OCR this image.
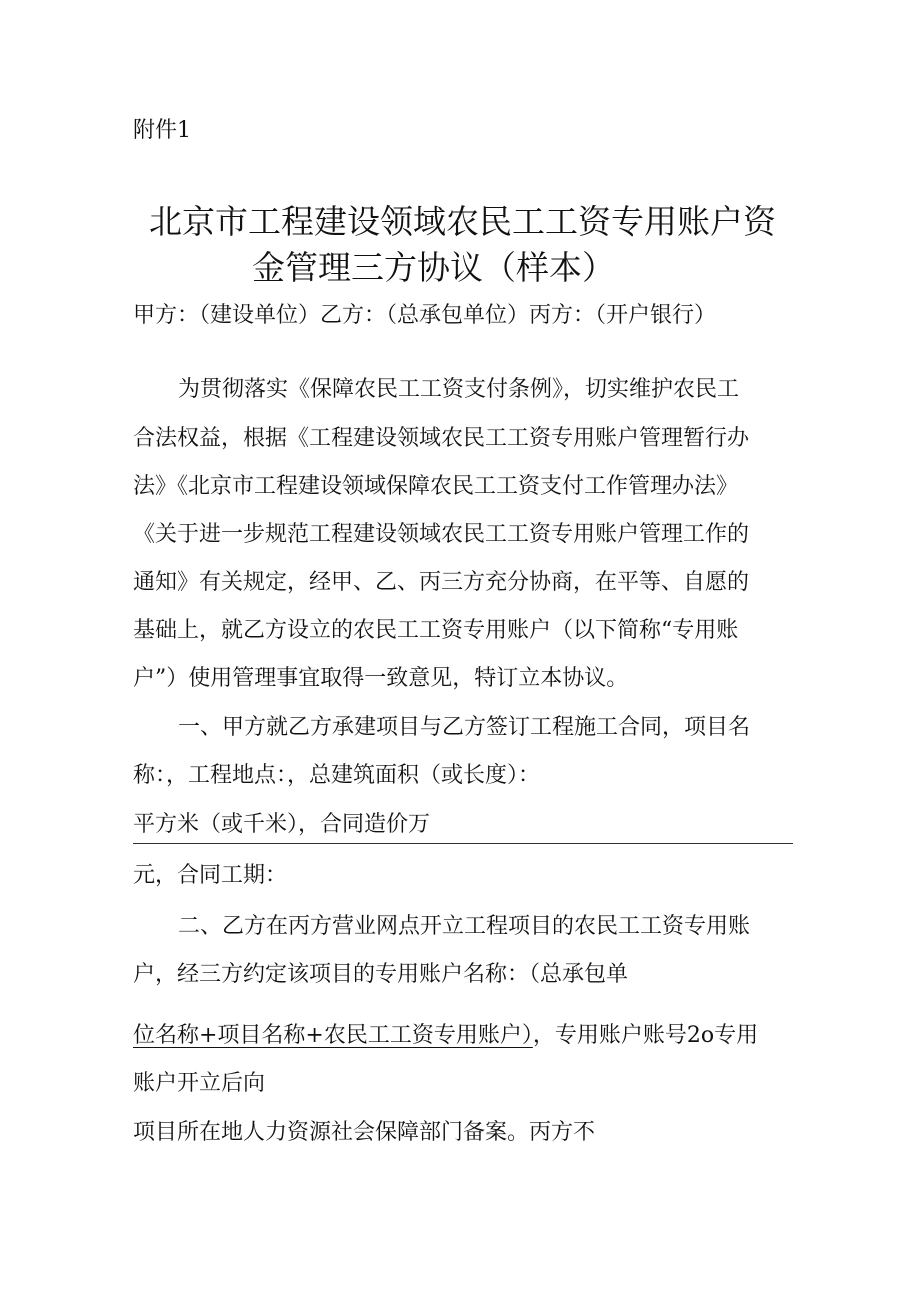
附件1
北京市工程建设领域农民工工资专用账户资
金管理三方协议（样本）
甲方：（建设单位）乙方：（总承包单位）丙方：（开户银行）
为贯彻落实《保障农民工工资支付条例》，切实维护农民工
合法权益，根据《工程建设领域农民工工资专用账户管理暂行办
法》《北京市工程建设领域保障农民工工资支付工作管理办法》
《关于进一步规范工程建设领域农民工工资专用账户管理工作的
通知》有关规定，经甲、乙、丙三方充分协商，在平等、自愿的
基础上，就乙方设立的农民工工资专用账户（以下简称“专用账
户”）使用管理事宜取得一致意见，特订立本协议。
一、甲方就乙方承建项目与乙方签订工程施工合同，项目名
称：，工程地点：，总建筑面积（或长度）：
平方米（或千米），合同造价万
元，合同工期：
二、乙方在丙方营业网点开立工程项目的农民工工资专用账
户，经三方约定该项目的专用账户名称：（总承包单
位名称+项目名称+农民工工资专用账户），专用账户账号2o专用
账户开立后向
项目所在地人力资源社会保障部门备案。丙方不
